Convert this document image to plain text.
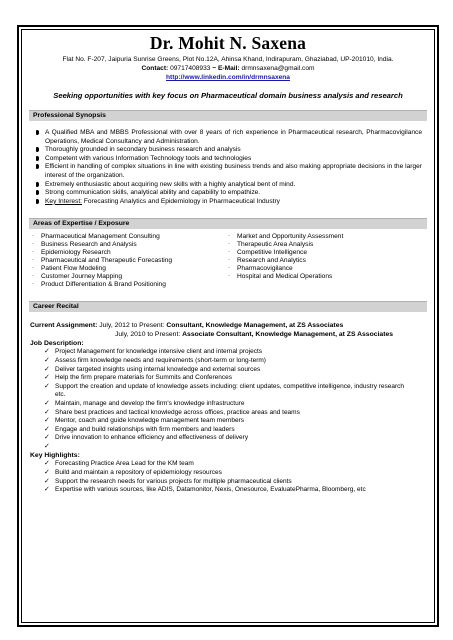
Dr. Mohit N. Saxena
Flat No. F-207, Jaipuria Sunrise Greens, Plot No.12A, Ahinsa Khand, Indirapuram, Ghaziabad, UP-201010, India.
Contact: 09717408933 ~ E-Mail: drmnsaxena@gmail.com
http://www.linkedin.com/in/drmnsaxena
Seeking opportunities with key focus on Pharmaceutical domain business analysis and research
Professional Synopsis
A Qualified MBA and MBBS Professional with over 8 years of rich experience in Pharmaceutical research, Pharmacovigilance Operations, Medical Consultancy and Administration.
Thoroughly grounded in secondary business research and analysis
Competent with various Information Technology tools and technologies
Efficient in handling of complex situations in line with existing business trends and also making appropriate decisions in the larger interest of the organization.
Extremely enthusiastic about acquiring new skills with a highly analytical bent of mind.
Strong communication skills, analytical ability and capability to empathize.
Key Interest: Forecasting Analytics and Epidemiology in Pharmaceutical Industry
Areas of Expertise / Exposure
· Pharmaceutical Management Consulting
· Business Research and Analysis
· Epidemiology Research
· Pharmaceutical and Therapeutic Forecasting
· Patient Flow Modeling
· Customer Journey Mapping
· Product Differentiation & Brand Positioning
· Market and Opportunity Assessment
· Therapeutic Area Analysis
· Competitive Intelligence
· Research and Analytics
· Pharmacovigilance
· Hospital and Medical Operations
Career Recital
Current Assignment: July, 2012 to Present: Consultant, Knowledge Management, at ZS Associates
July, 2010 to Present: Associate Consultant, Knowledge Management, at ZS Associates
Job Description:
✓ Project Management for knowledge intensive client and internal projects
✓ Assess firm knowledge needs and requirements (short-term or long-term)
✓ Deliver targeted insights using internal knowledge and external sources
✓ Help the firm prepare materials for Summits and Conferences
✓ Support the creation and update of knowledge assets including: client updates, competitive intelligence, industry research etc.
✓ Maintain, manage and develop the firm's knowledge infrastructure
✓ Share best practices and tactical knowledge across offices, practice areas and teams
✓ Mentor, coach and guide knowledge management team members
✓ Engage and build relationships with firm members and leaders
✓ Drive innovation to enhance efficiency and effectiveness of delivery
✓
Key Highlights:
✓ Forecasting Practice Area Lead for the KM team
✓ Build and maintain a repository of epidemiology resources
✓ Support the research needs for various projects for multiple pharmaceutical clients
✓ Expertise with various sources, like ADIS, Datamonitor, Nexis, Onesource, EvaluatePharma, Bloomberg, etc
